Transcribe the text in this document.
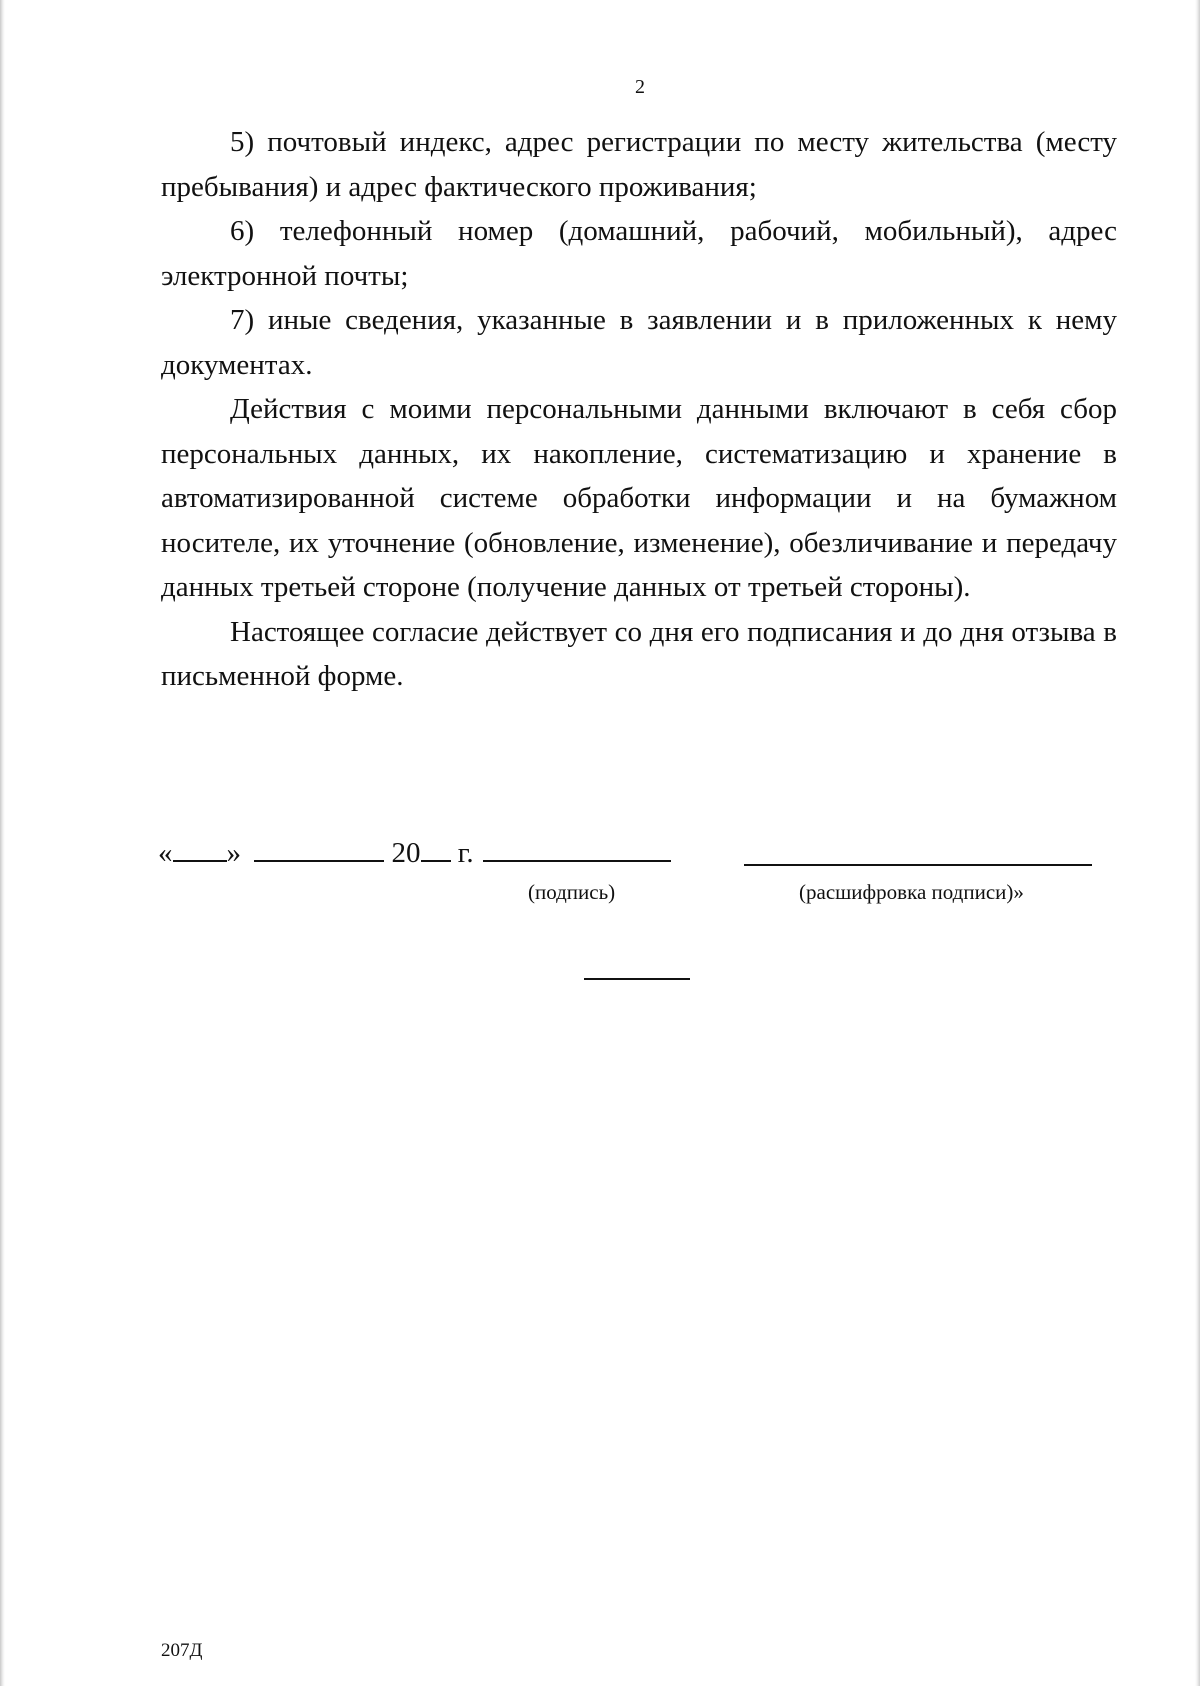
2

5) почтовый индекс, адрес регистрации по месту жительства (месту пребывания) и адрес фактического проживания;

6) телефонный номер (домашний, рабочий, мобильный), адрес электронной почты;

7) иные сведения, указанные в заявлении и в приложенных к нему документах.

Действия с моими персональными данными включают в себя сбор персональных данных, их накопление, систематизацию и хранение в автоматизированной системе обработки информации и на бумажном носителе, их уточнение (обновление, изменение), обезличивание и передачу данных третьей стороне (получение данных от третьей стороны).

Настоящее согласие действует со дня его подписания и до дня отзыва в письменной форме.

« »	20 г.
(подпись)	(расшифровка подписи)»
207Д
